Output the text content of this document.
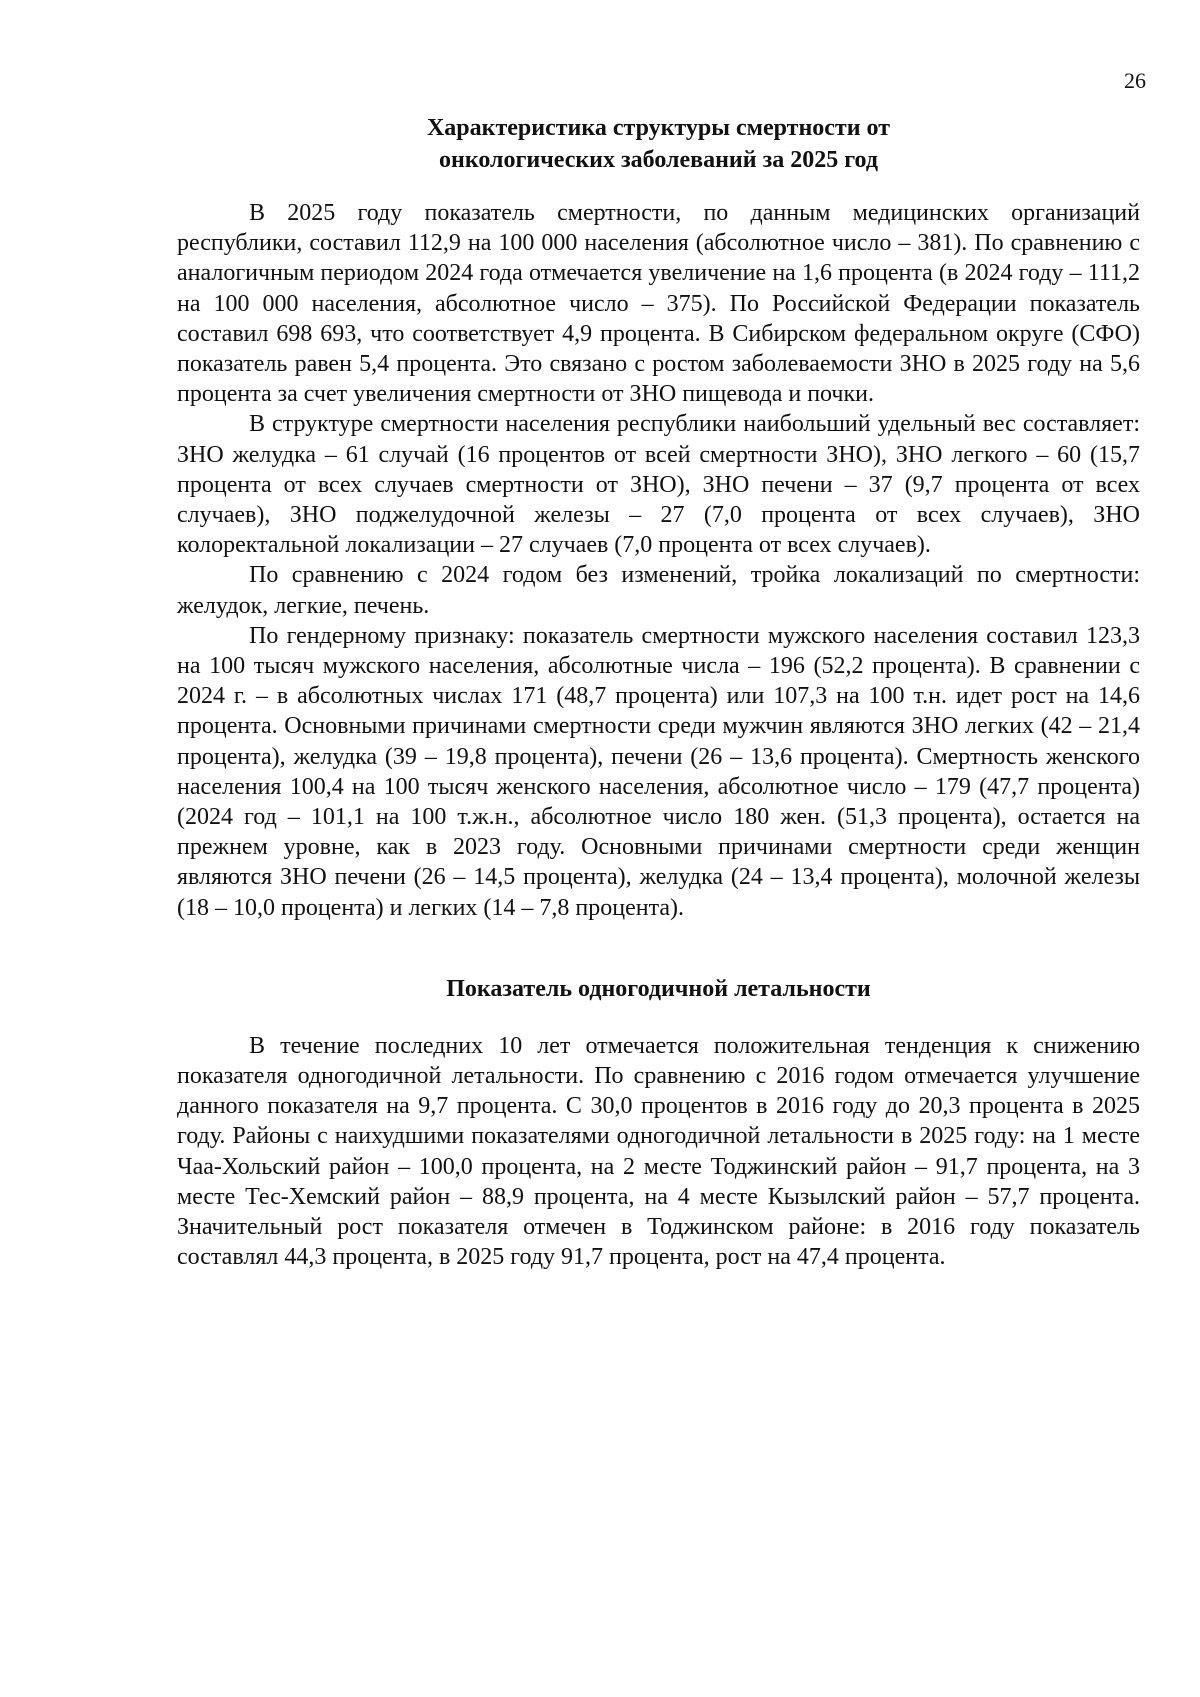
26
Характеристика структуры смертности от
онкологических заболеваний за 2025 год

В 2025 году показатель смертности, по данным медицинских организаций республики, составил 112,9 на 100 000 населения (абсолютное число – 381). По сравнению с аналогичным периодом 2024 года отмечается увеличение на 1,6 процента (в 2024 году – 111,2 на 100 000 населения, абсолютное число – 375). По Российской Федерации показатель составил 698 693, что соответствует 4,9 процента. В Сибирском федеральном округе (СФО) показатель равен 5,4 процента. Это связано с ростом заболеваемости ЗНО в 2025 году на 5,6 процента за счет увеличения смертности от ЗНО пищевода и почки.

В структуре смертности населения республики наибольший удельный вес составляет: ЗНО желудка – 61 случай (16 процентов от всей смертности ЗНО), ЗНО легкого – 60 (15,7 процента от всех случаев смертности от ЗНО), ЗНО печени – 37 (9,7 процента от всех случаев), ЗНО поджелудочной железы – 27 (7,0 процента от всех случаев), ЗНО колоректальной локализации – 27 случаев (7,0 процента от всех случаев).

По сравнению с 2024 годом без изменений, тройка локализаций по смертности: желудок, легкие, печень.

По гендерному признаку: показатель смертности мужского населения составил 123,3 на 100 тысяч мужского населения, абсолютные числа – 196 (52,2 процента). В сравнении с 2024 г. – в абсолютных числах 171 (48,7 процента) или 107,3 на 100 т.н. идет рост на 14,6 процента. Основными причинами смертности среди мужчин являются ЗНО легких (42 – 21,4 процента), желудка (39 – 19,8 процента), печени (26 – 13,6 процента). Смертность женского населения 100,4 на 100 тысяч женского населения, абсолютное число – 179 (47,7 процента) (2024 год – 101,1 на 100 т.ж.н., абсолютное число 180 жен. (51,3 процента), остается на прежнем уровне, как в 2023 году. Основными причинами смертности среди женщин являются ЗНО печени (26 – 14,5 процента), желудка (24 – 13,4 процента), молочной железы (18 – 10,0 процента) и легких (14 – 7,8 процента).

Показатель одногодичной летальности

В течение последних 10 лет отмечается положительная тенденция к снижению показателя одногодичной летальности. По сравнению с 2016 годом отмечается улучшение данного показателя на 9,7 процента. С 30,0 процентов в 2016 году до 20,3 процента в 2025 году. Районы с наихудшими показателями одногодичной летальности в 2025 году: на 1 месте Чаа-Хольский район – 100,0 процента, на 2 месте Тоджинский район – 91,7 процента, на 3 месте Тес-Хемский район – 88,9 процента, на 4 месте Кызылский район – 57,7 процента. Значительный рост показателя отмечен в Тоджинском районе: в 2016 году показатель составлял 44,3 процента, в 2025 году 91,7 процента, рост на 47,4 процента.
